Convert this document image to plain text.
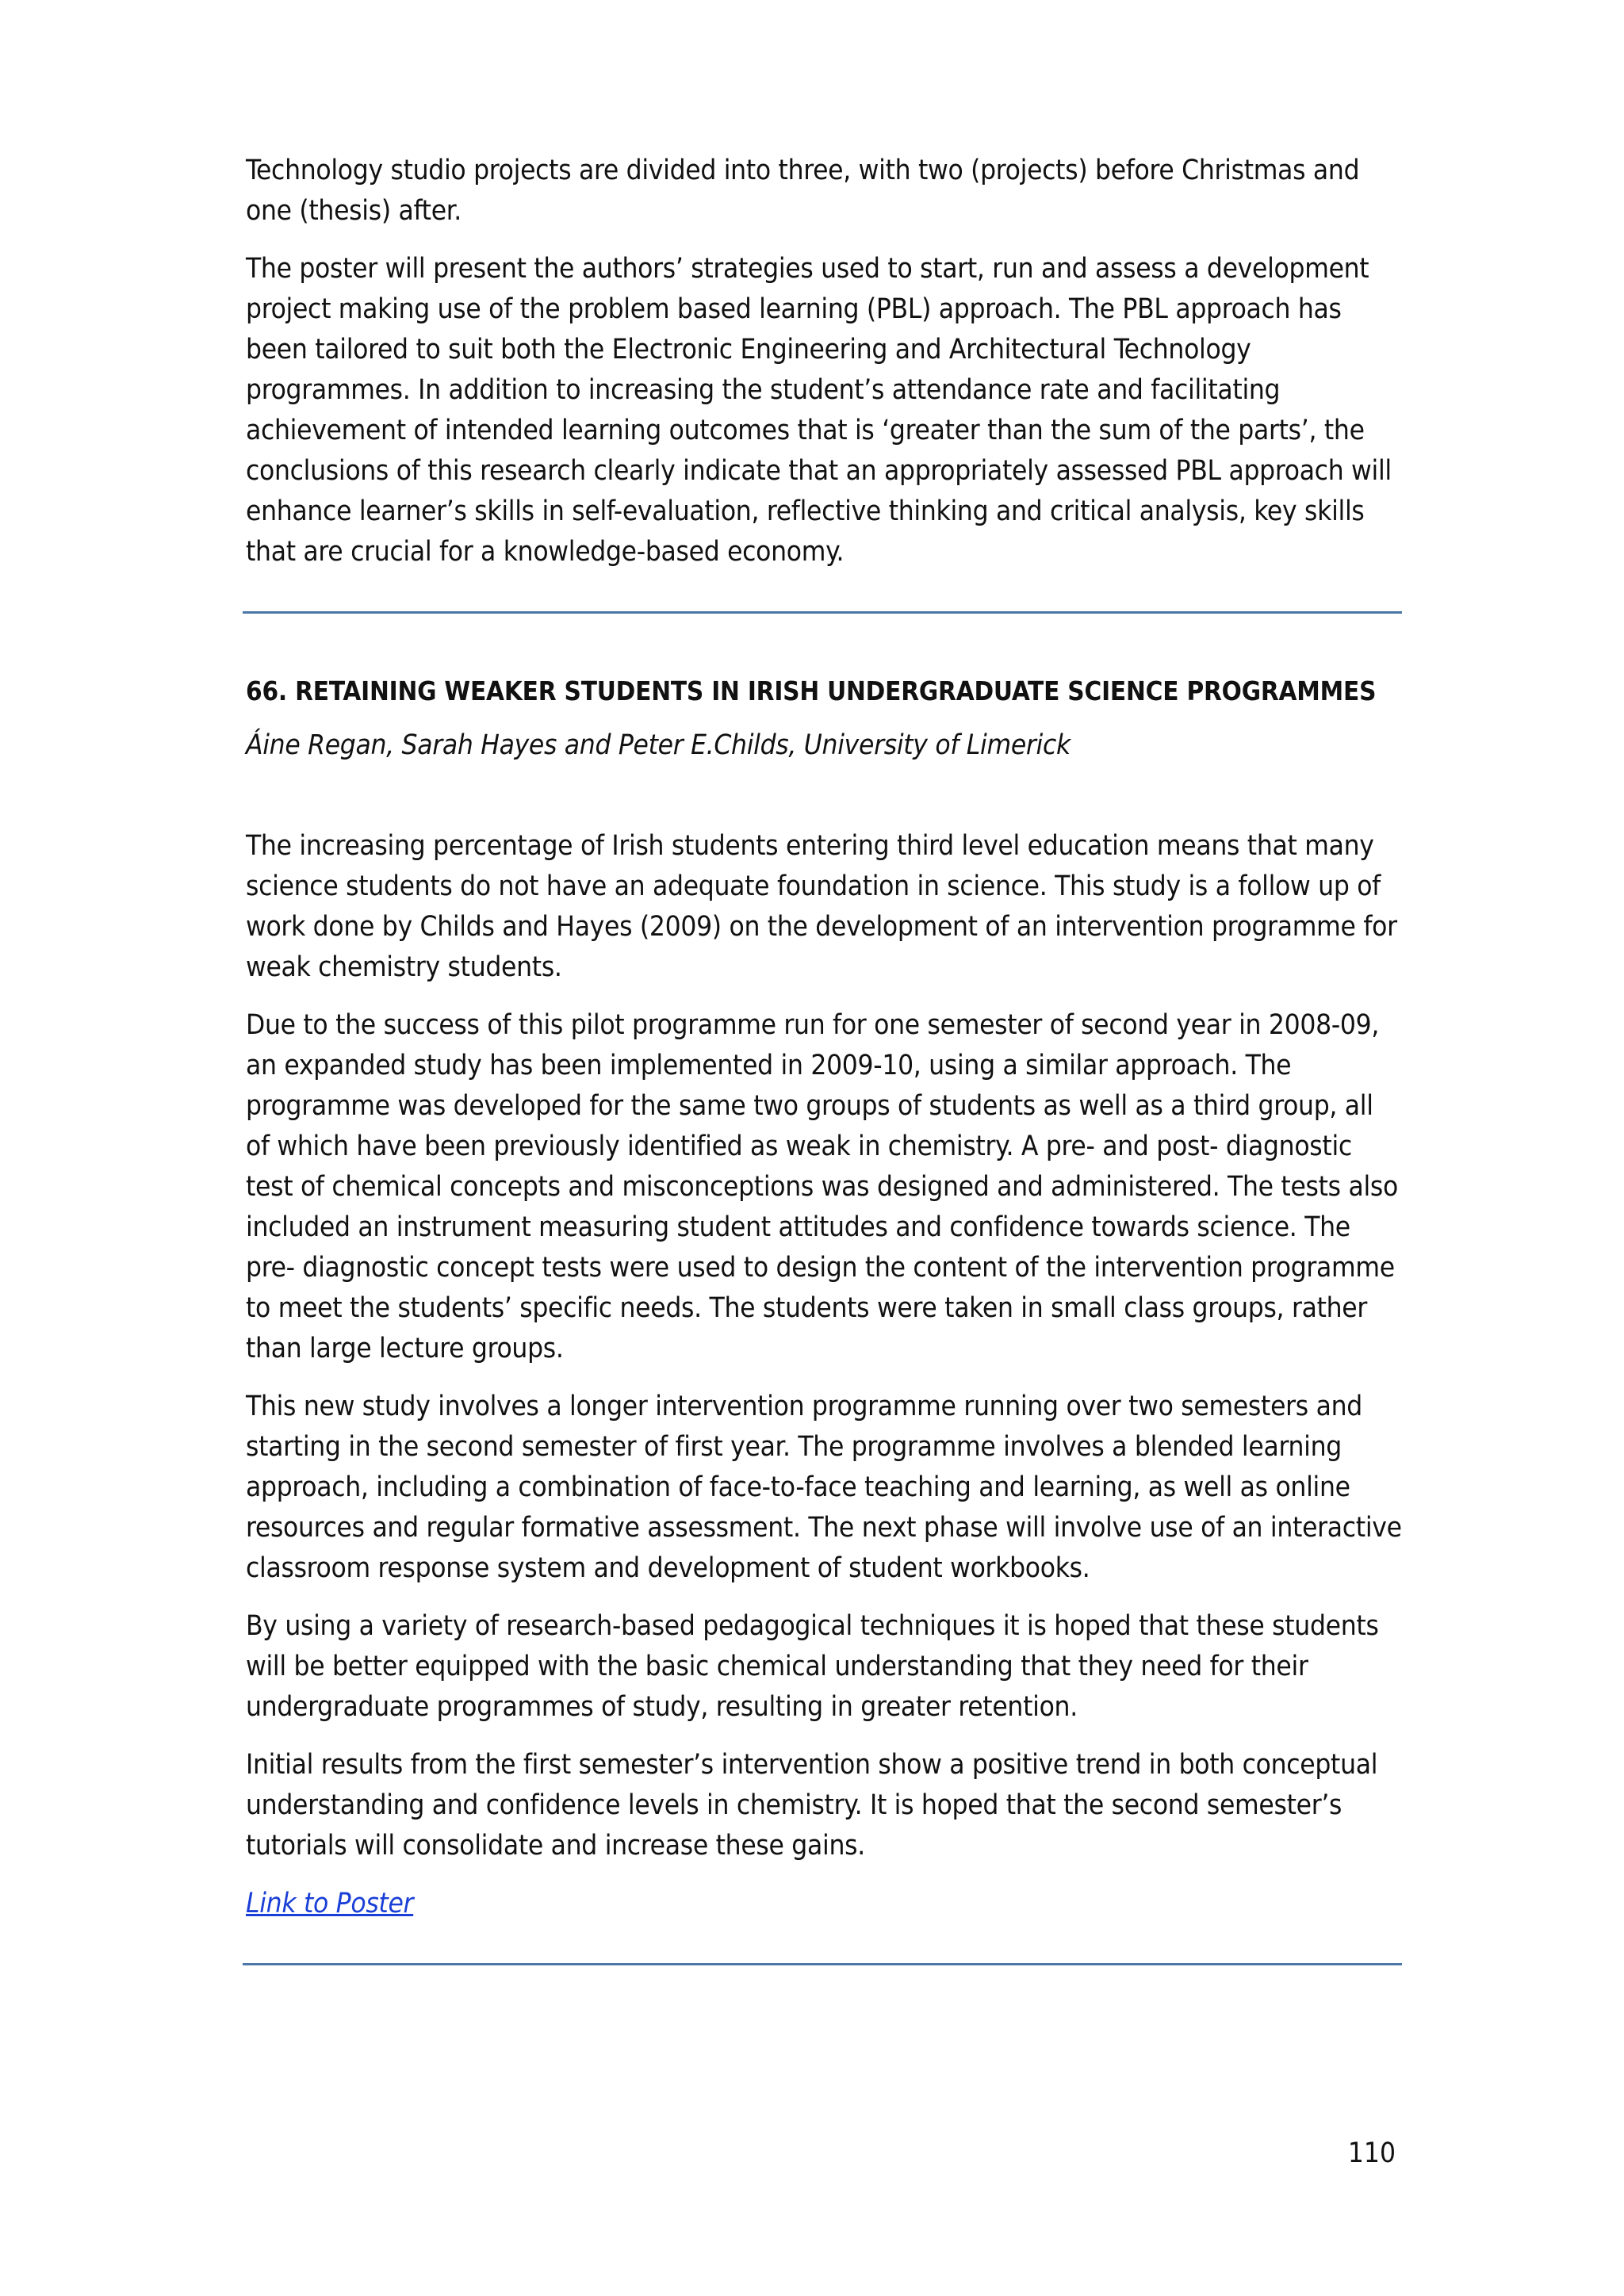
Technology studio projects are divided into three, with two (projects) before Christmas and one (thesis) after.

The poster will present the authors’ strategies used to start, run and assess a development project making use of the problem based learning (PBL) approach. The PBL approach has been tailored to suit both the Electronic Engineering and Architectural Technology programmes. In addition to increasing the student’s attendance rate and facilitating achievement of intended learning outcomes that is ‘greater than the sum of the parts’, the conclusions of this research clearly indicate that an appropriately assessed PBL approach will enhance learner’s skills in self-evaluation, reflective thinking and critical analysis, key skills that are crucial for a knowledge-based economy.

66. RETAINING WEAKER STUDENTS IN IRISH UNDERGRADUATE SCIENCE PROGRAMMES

Áine Regan, Sarah Hayes and Peter E.Childs, University of Limerick

The increasing percentage of Irish students entering third level education means that many science students do not have an adequate foundation in science. This study is a follow up of work done by Childs and Hayes (2009) on the development of an intervention programme for weak chemistry students.

Due to the success of this pilot programme run for one semester of second year in 2008-09, an expanded study has been implemented in 2009-10, using a similar approach. The programme was developed for the same two groups of students as well as a third group, all of which have been previously identified as weak in chemistry. A pre- and post- diagnostic test of chemical concepts and misconceptions was designed and administered. The tests also included an instrument measuring student attitudes and confidence towards science. The pre- diagnostic concept tests were used to design the content of the intervention programme to meet the students’ specific needs. The students were taken in small class groups, rather than large lecture groups.

This new study involves a longer intervention programme running over two semesters and starting in the second semester of first year. The programme involves a blended learning approach, including a combination of face-to-face teaching and learning, as well as online resources and regular formative assessment. The next phase will involve use of an interactive classroom response system and development of student workbooks.

By using a variety of research-based pedagogical techniques it is hoped that these students will be better equipped with the basic chemical understanding that they need for their undergraduate programmes of study, resulting in greater retention.

Initial results from the first semester’s intervention show a positive trend in both conceptual understanding and confidence levels in chemistry. It is hoped that the second semester’s tutorials will consolidate and increase these gains.

Link to Poster

110
